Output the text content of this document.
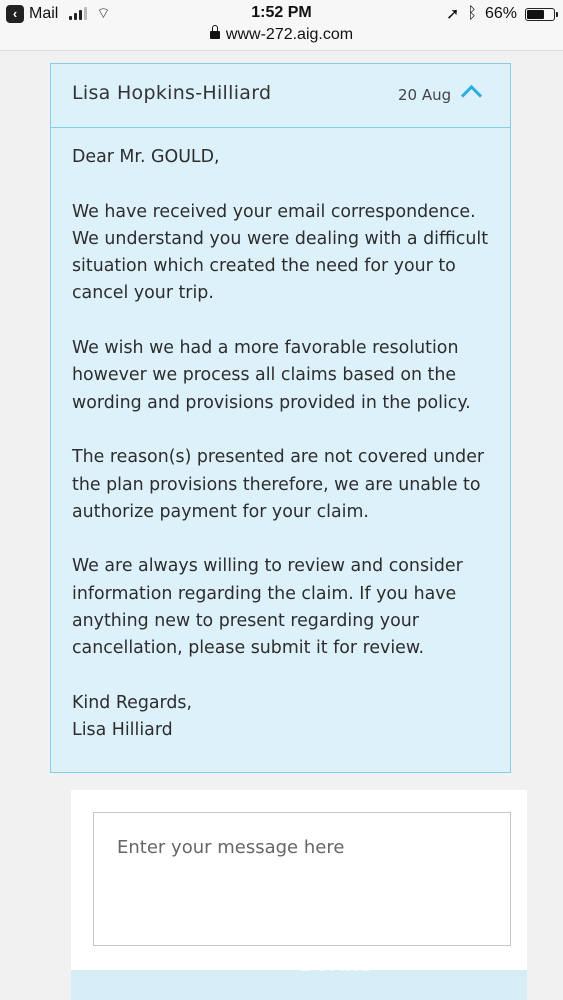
‹ Mail	⌔	1:52 PM	➚ ᛒ 66%
www-272.aig.com
Lisa Hopkins-Hilliard	20 Aug

Dear Mr. GOULD,

We have received your email correspondence. We understand you were dealing with a difficult situation which created the need for your to cancel your trip.

We wish we had a more favorable resolution however we process all claims based on the wording and provisions provided in the policy.

The reason(s) presented are not covered under the plan provisions therefore, we are unable to authorize payment for your claim.

We are always willing to review and consider information regarding the claim. If you have anything new to present regarding your cancellation, please submit it for review.

Kind Regards,
Lisa Hilliard

Enter your message here
BOARD
